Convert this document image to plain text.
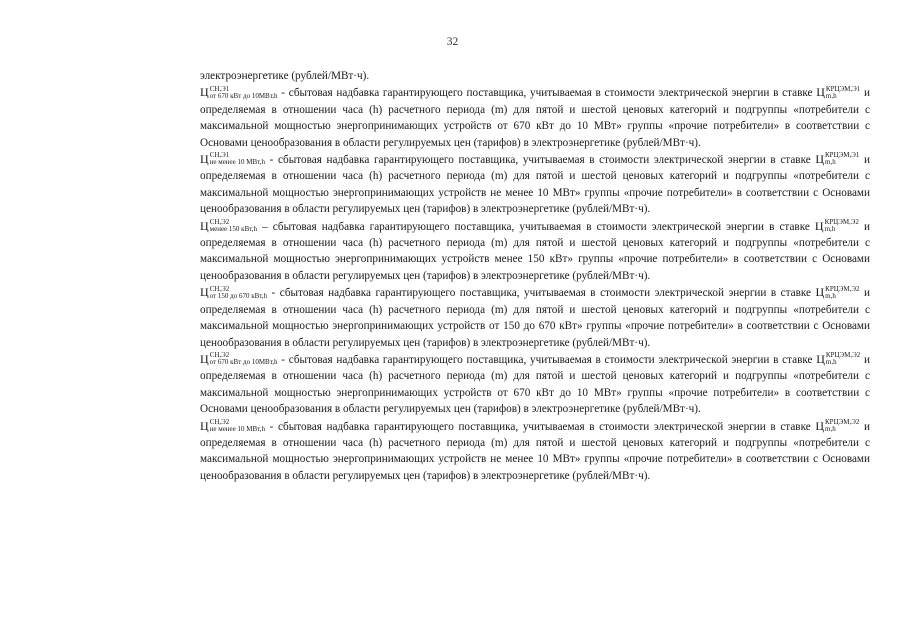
32

электроэнергетике (рублей/МВт·ч).

Ц СН,Э1
от 670 кВт до 10МВт,h - сбытовая надбавка гарантирующего поставщика, учитываемая в стоимости электрической энергии в ставке Ц КРЦЭМ,Э1
m,h	и определяемая в отношении часа (h) расчетного периода (m) для пятой и шестой ценовых категорий и подгруппы «потребители с максимальной мощностью энергопринимающих устройств от 670 кВт до 10 МВт» группы «прочие потребители» в соответствии с Основами ценообразования в области регулируемых цен (тарифов) в электроэнергетике (рублей/МВт·ч).

Ц СН,Э1
не менее 10 МВт,h - сбытовая надбавка гарантирующего поставщика, учитываемая в стоимости электрической энергии в ставке Ц КРЦЭМ,Э1
m,h	и определяемая в отношении часа (h) расчетного периода (m) для пятой и шестой ценовых категорий и подгруппы «потребители с максимальной мощностью энергопринимающих устройств не менее 10 МВт» группы «прочие потребители» в соответствии с Основами ценообразования в области регулируемых цен (тарифов) в электроэнергетике (рублей/МВт·ч).

Ц СН,Э2
менее 150 кВт,h – сбытовая надбавка гарантирующего поставщика, учитываемая в стоимости электрической энергии в ставке Ц КРЦЭМ,Э2
m,h	и определяемая в отношении часа (h) расчетного периода (m) для пятой и шестой ценовых категорий и подгруппы «потребители с максимальной мощностью энергопринимающих устройств менее 150 кВт» группы «прочие потребители» в соответствии с Основами ценообразования в области регулируемых цен (тарифов) в электроэнергетике (рублей/МВт·ч).

Ц СН,Э2
от 150 до 670 кВт,h - сбытовая надбавка гарантирующего поставщика, учитываемая в стоимости электрической энергии в ставке Ц КРЦЭМ,Э2
m,h	и определяемая в отношении часа (h) расчетного периода (m) для пятой и шестой ценовых категорий и подгруппы «потребители с максимальной мощностью энергопринимающих устройств от 150 до 670 кВт» группы «прочие потребители» в соответствии с Основами ценообразования в области регулируемых цен (тарифов) в электроэнергетике (рублей/МВт·ч).

Ц СН,Э2
от 670 кВт до 10МВт,h - сбытовая надбавка гарантирующего поставщика, учитываемая в стоимости электрической энергии в ставке Ц КРЦЭМ,Э2
m,h	и определяемая в отношении часа (h) расчетного периода (m) для пятой и шестой ценовых категорий и подгруппы «потребители с максимальной мощностью энергопринимающих устройств от 670 кВт до 10 МВт» группы «прочие потребители» в соответствии с Основами ценообразования в области регулируемых цен (тарифов) в электроэнергетике (рублей/МВт·ч).

Ц СН,Э2
не менее 10 МВт,h - сбытовая надбавка гарантирующего поставщика, учитываемая в стоимости электрической энергии в ставке Ц КРЦЭМ,Э2
m,h	и определяемая в отношении часа (h) расчетного периода (m) для пятой и шестой ценовых категорий и подгруппы «потребители с максимальной мощностью энергопринимающих устройств не менее 10 МВт» группы «прочие потребители» в соответствии с Основами ценообразования в области регулируемых цен (тарифов) в электроэнергетике (рублей/МВт·ч).
